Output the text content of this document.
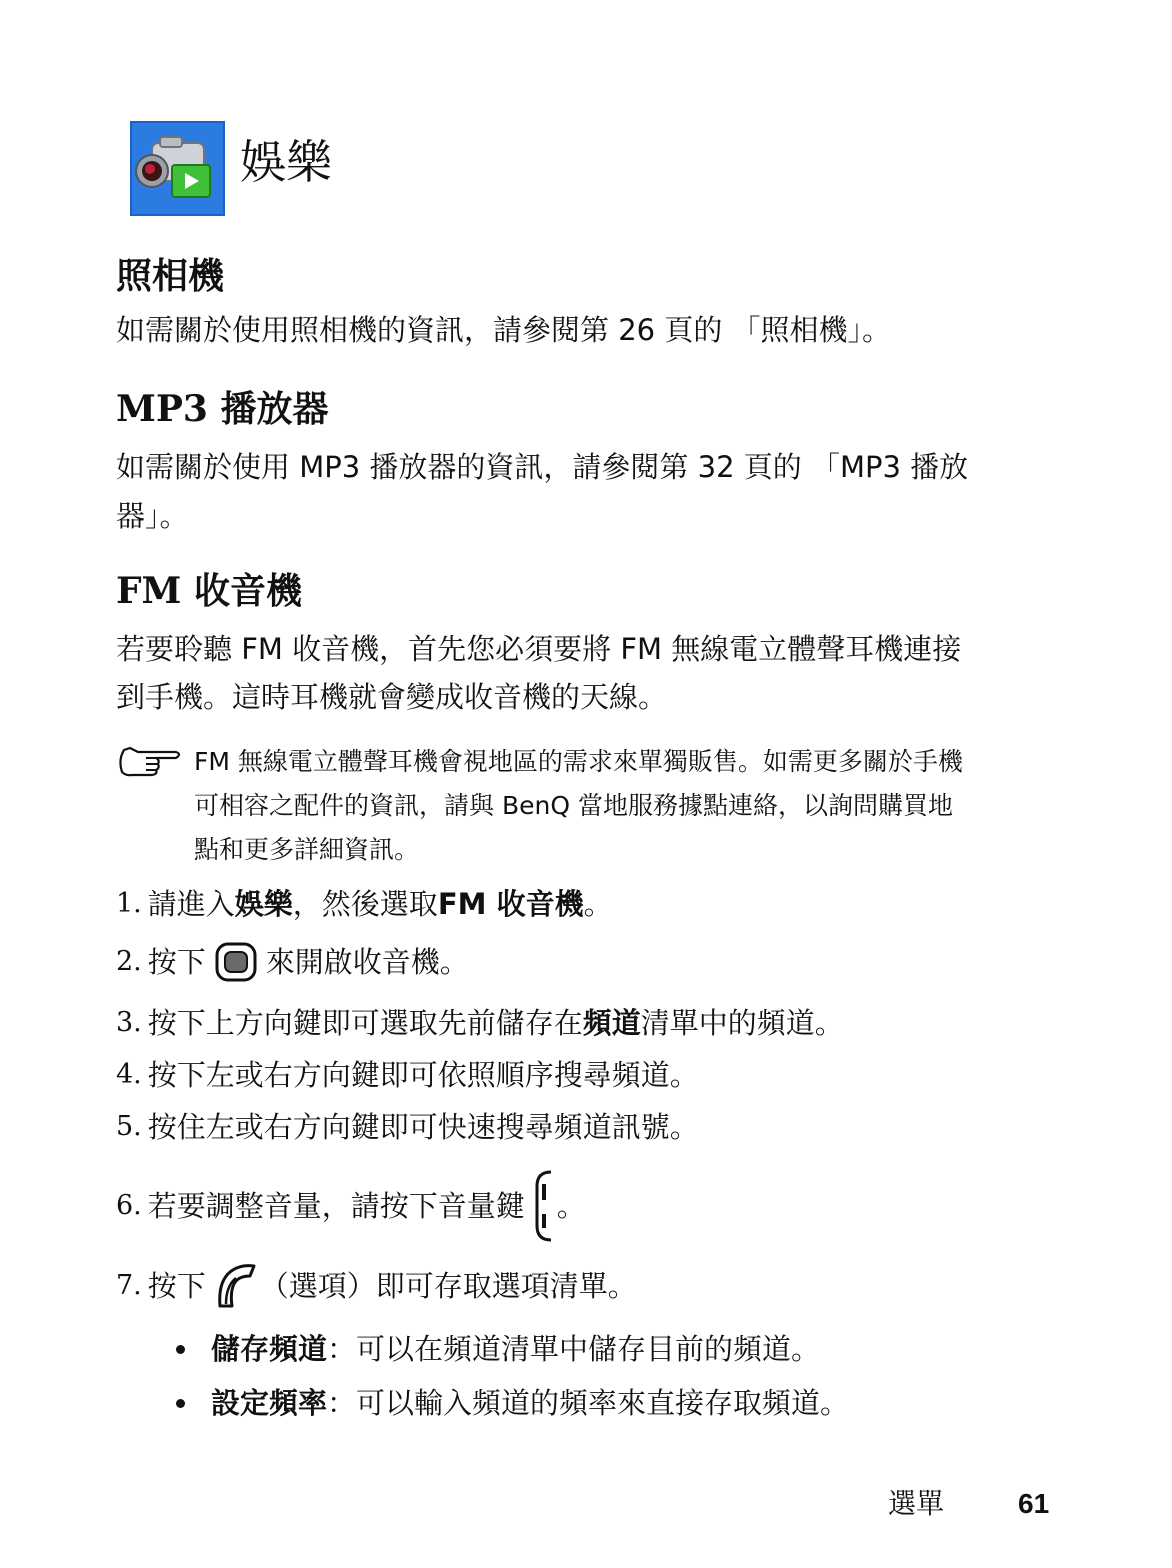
娛樂
照相機
如需關於使用照相機的資訊，請參閱第 26 頁的 「照相機」。
MP3 播放器
如需關於使用 MP3 播放器的資訊，請參閱第 32 頁的 「MP3 播放
器」。
FM 收音機
若要聆聽 FM 收音機，首先您必須要將 FM 無線電立體聲耳機連接
到手機。這時耳機就會變成收音機的天線。
FM 無線電立體聲耳機會視地區的需求來單獨販售。如需更多關於手機
可相容之配件的資訊，請與 BenQ 當地服務據點連絡，以詢問購買地
點和更多詳細資訊。
1. 請進入 娛樂 ，然後選取 FM 收音機 。
2. 按下 來開啟收音機。
3. 按下上方向鍵即可選取先前儲存在 頻道 清單中的頻道。
4. 按下左或右方向鍵即可依照順序搜尋頻道。
5. 按住左或右方向鍵即可快速搜尋頻道訊號。
6. 若要調整音量，請按下音量鍵 。
7. 按下 （選項）即可存取選項清單。
儲存頻道 ：可以在頻道清單中儲存目前的頻道。
設定頻率 ：可以輸入頻道的頻率來直接存取頻道。
選單	61
